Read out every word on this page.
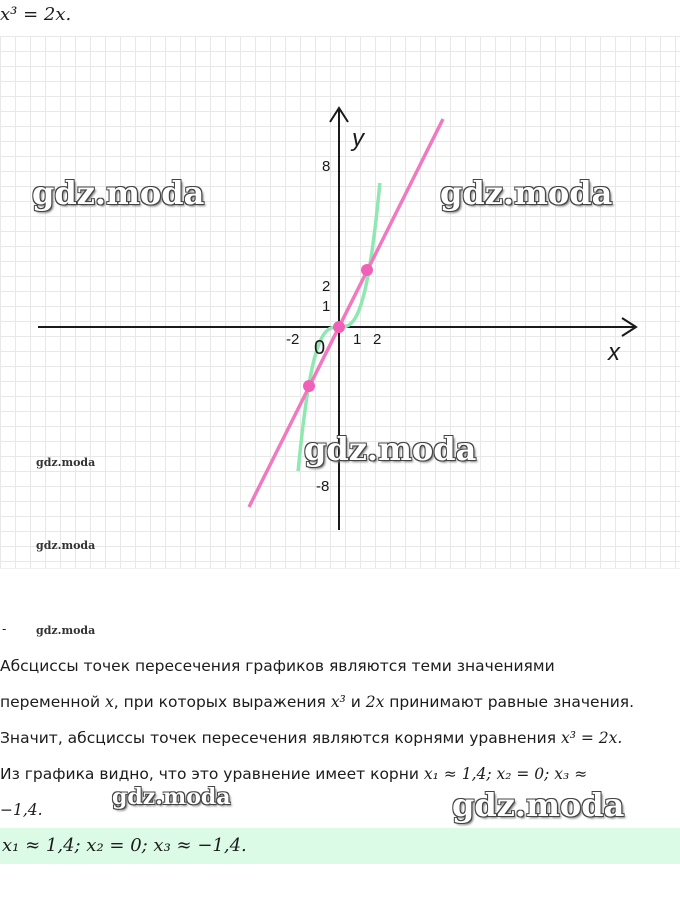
x³ = 2x.
y
x
0
-2	1 2
8
2
1
-8
gdz.moda	gdz.moda
gdz.moda
gdz.moda
gdz.moda
-	gdz.moda
Абсциссы точек пересечения графиков являются теми значениями
переменной x, при которых выражения x³ и 2x принимают равные значения.
Значит, абсциссы точек пересечения являются корнями уравнения x³ = 2x.
Из графика видно, что это уравнение имеет корни x₁ ≈ 1,4; x₂ = 0; x₃ ≈
−1,4.	gdz.moda	gdz.moda
x₁ ≈ 1,4; x₂ = 0; x₃ ≈ −1,4.
